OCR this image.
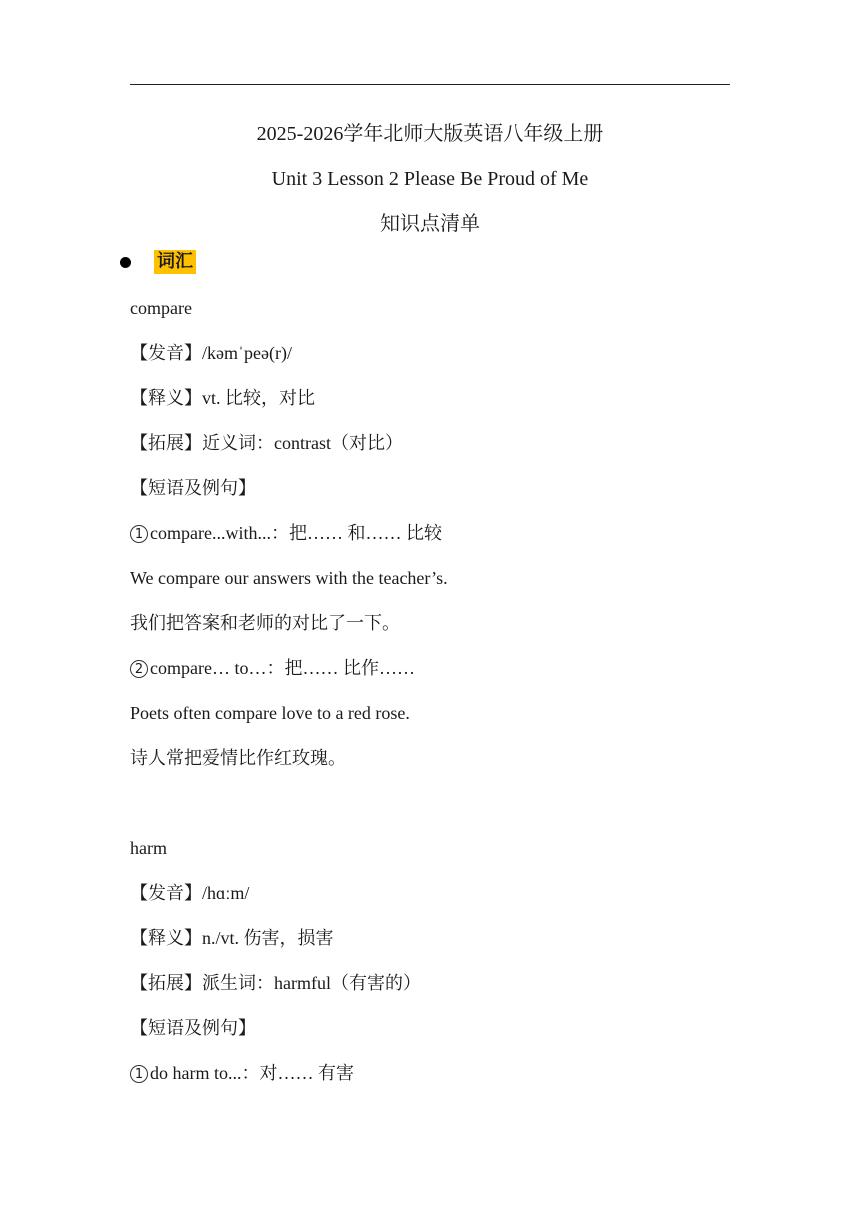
2025-2026学年北师大版英语八年级上册
Unit 3 Lesson 2 Please Be Proud of Me
知识点清单
词汇
compare
【发音】/kəmˈpeə(r)/
【释义】vt. 比较，对比
【拓展】近义词：contrast（对比）
【短语及例句】
1 compare...with...：把…… 和…… 比较
We compare our answers with the teacher’s.
我们把答案和老师的对比了一下。
2 compare… to…：把…… 比作……
Poets often compare love to a red rose.
诗人常把爱情比作红玫瑰。
harm
【发音】/hɑːm/
【释义】n./vt. 伤害，损害
【拓展】派生词：harmful（有害的）
【短语及例句】
1 do harm to...：对…… 有害
